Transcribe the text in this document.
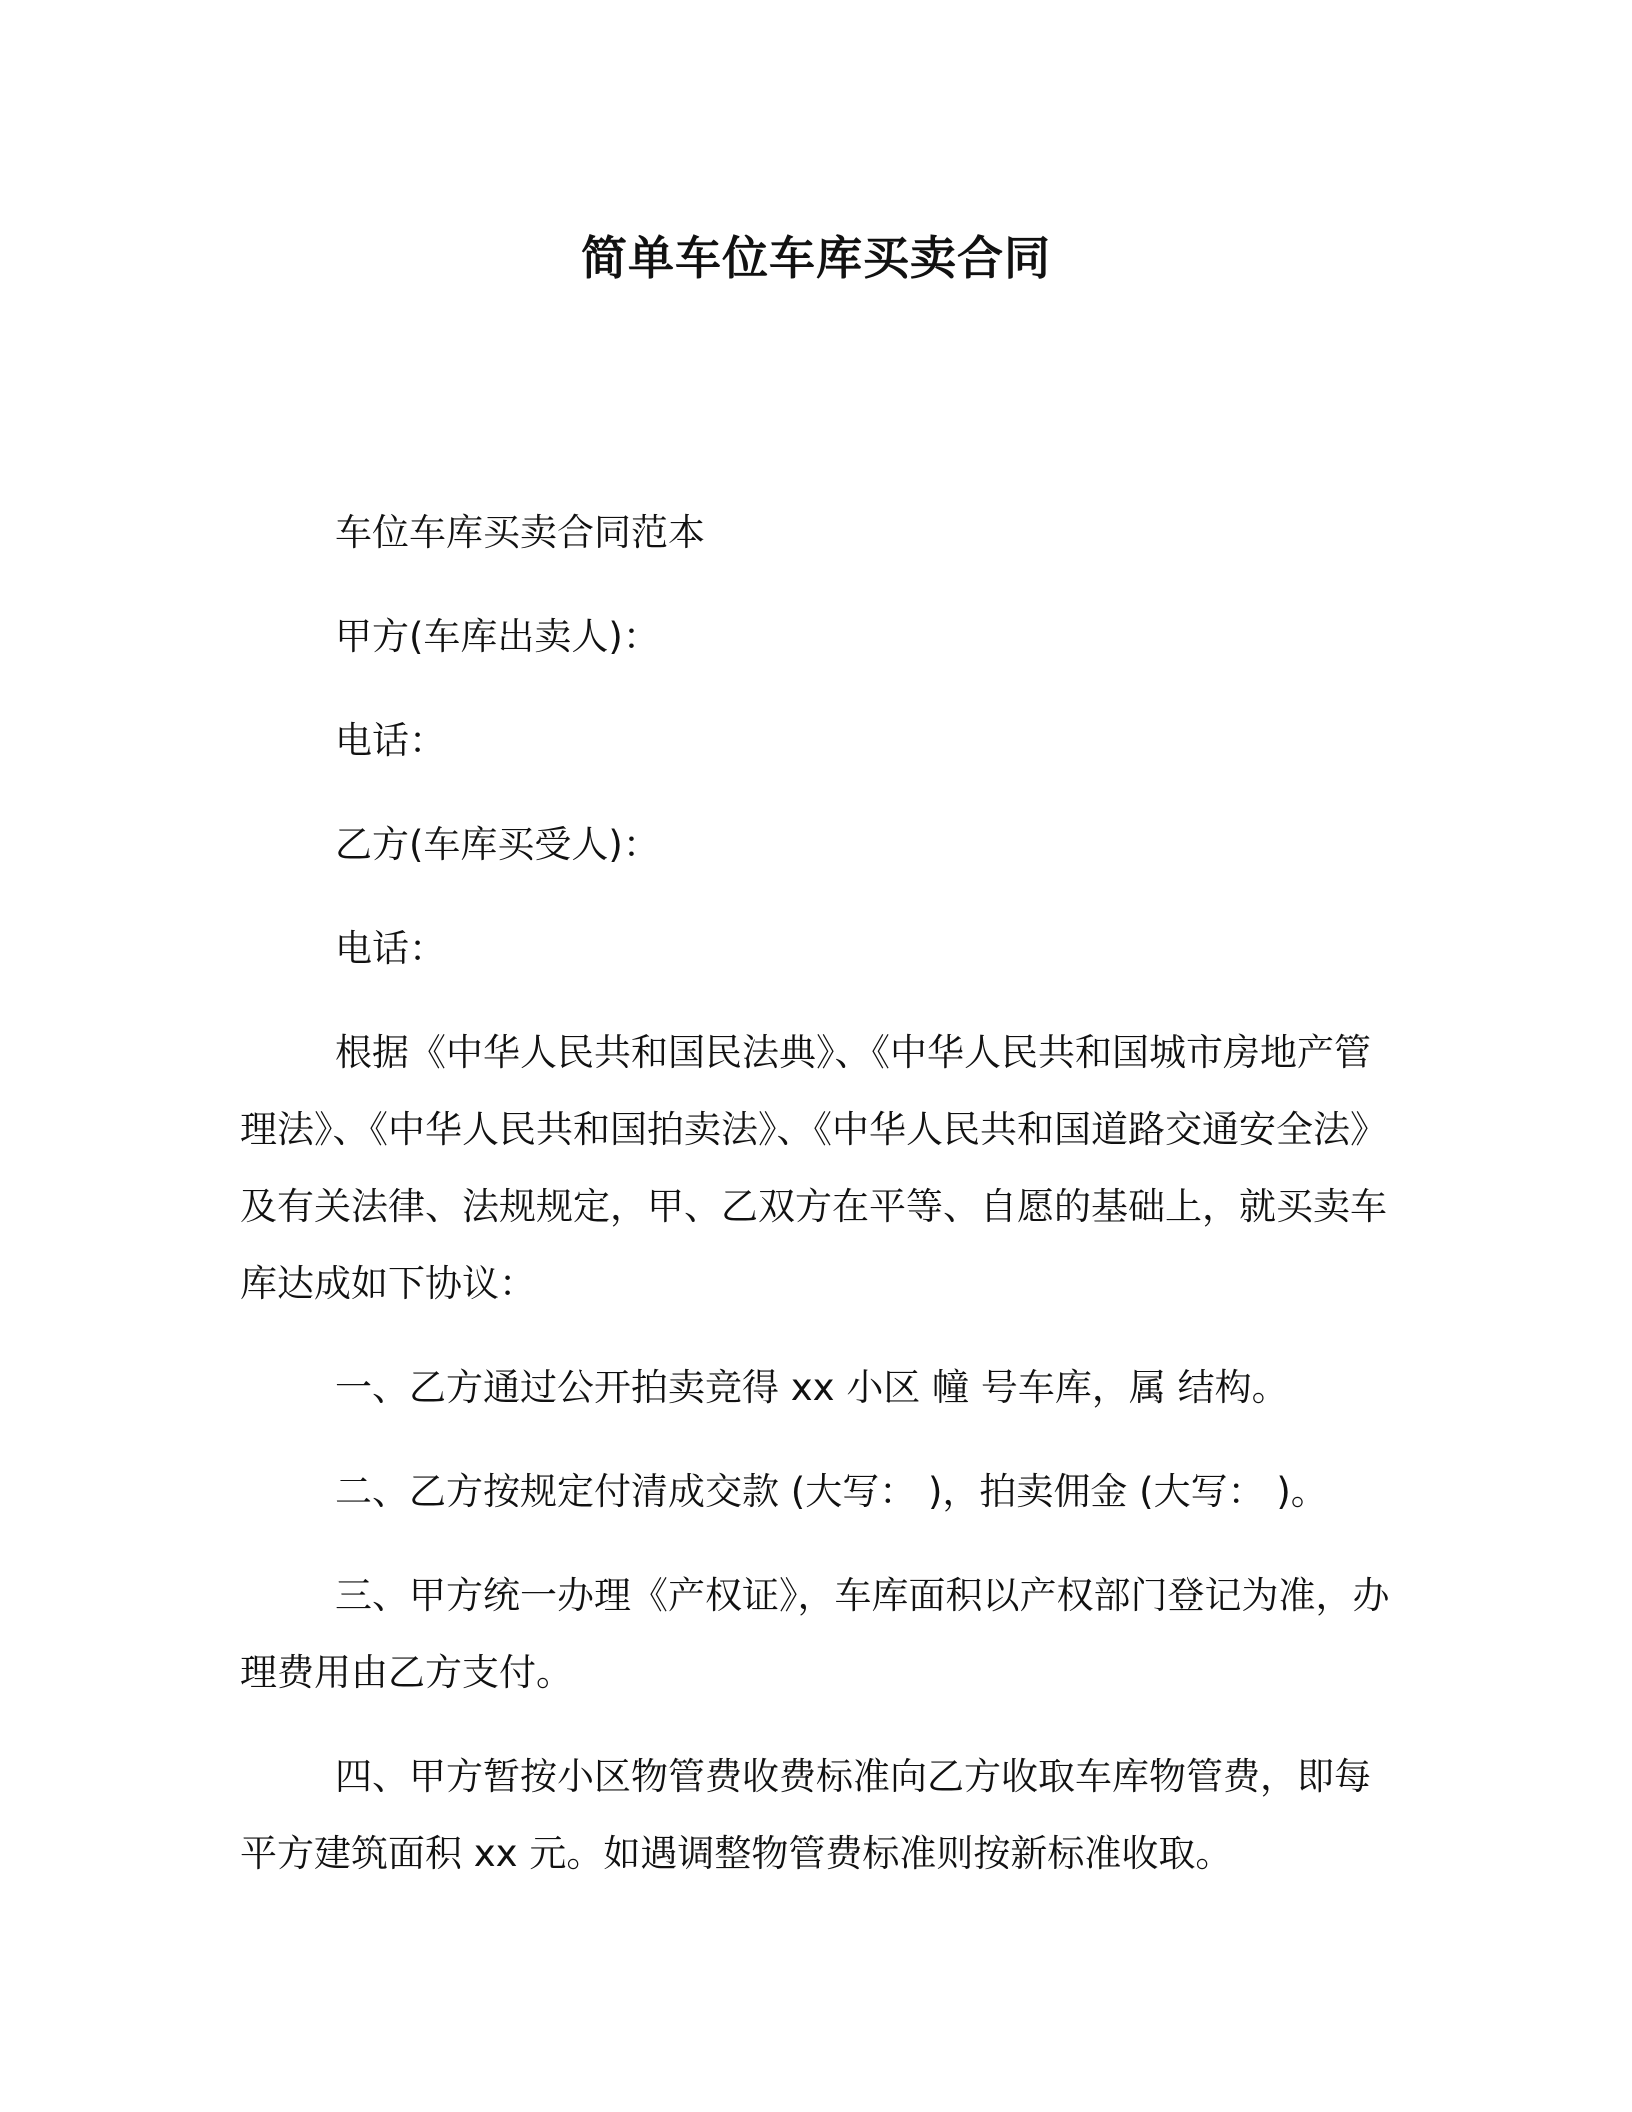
简单车位车库买卖合同

车位车库买卖合同范本

甲方(车库出卖人)：

电话：

乙方(车库买受人)：

电话：

根据《中华人民共和国民法典》、《中华人民共和国城市房地产管理法》、《中华人民共和国拍卖法》、《中华人民共和国道路交通安全法》及有关法律、法规规定，甲、乙双方在平等、自愿的基础上，就买卖车库达成如下协议：

一、乙方通过公开拍卖竞得 xx 小区 幢 号车库，属 结构。

二、乙方按规定付清成交款 (大写： )，拍卖佣金 (大写： )。

三、甲方统一办理《产权证》，车库面积以产权部门登记为准，办理费用由乙方支付。

四、甲方暂按小区物管费收费标准向乙方收取车库物管费，即每平方建筑面积 xx 元。如遇调整物管费标准则按新标准收取。
